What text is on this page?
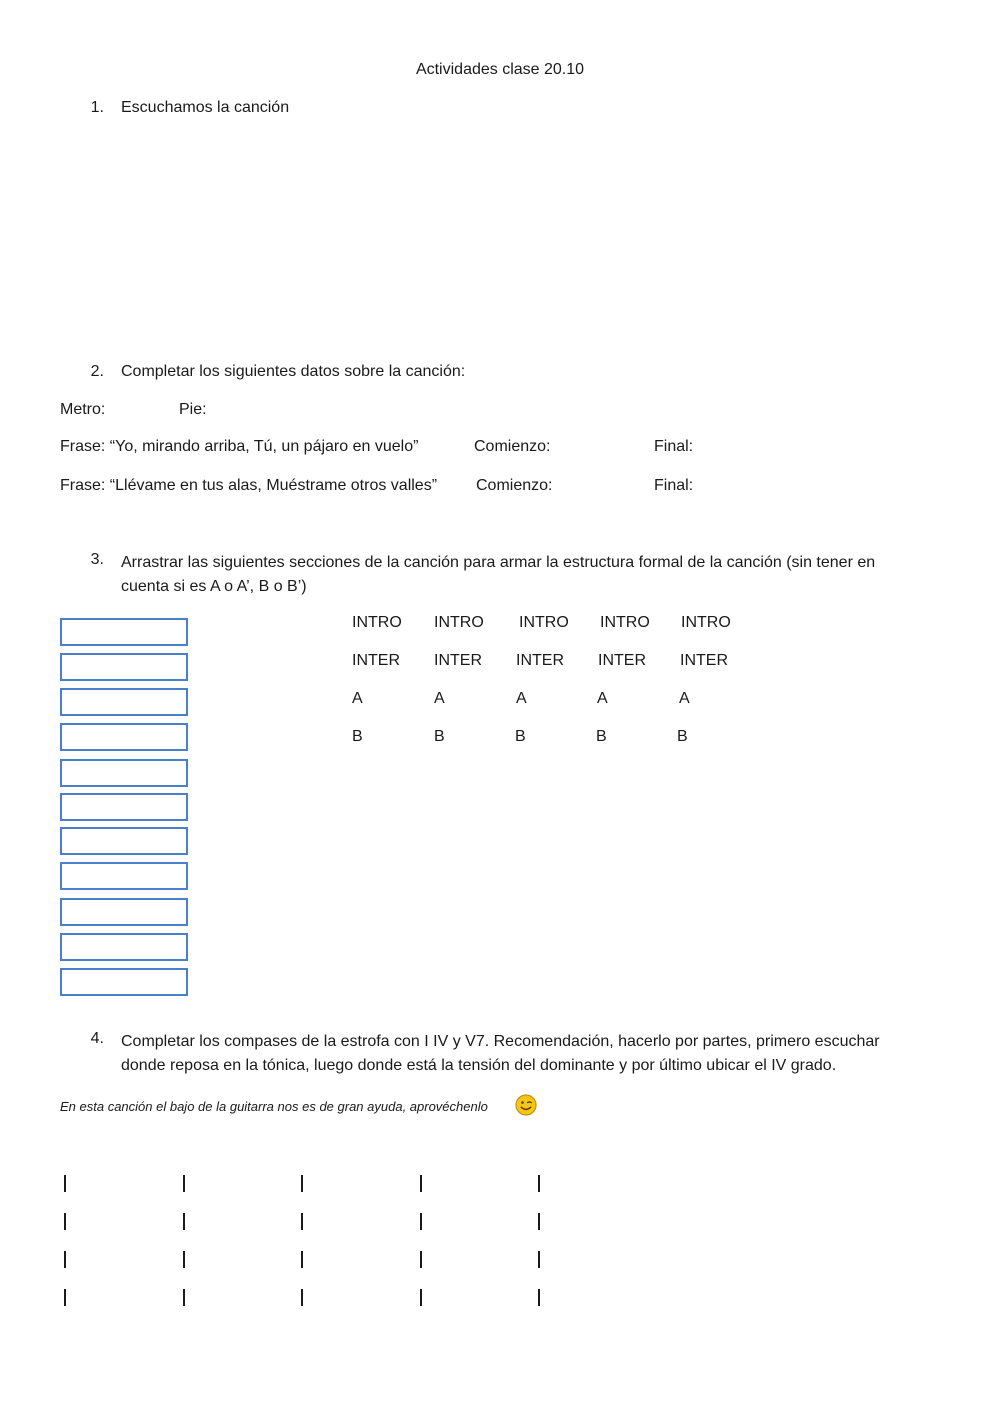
Actividades clase 20.10
1. Escuchamos la canción
2. Completar los siguientes datos sobre la canción:
Metro:	Pie:
Frase: “Yo, mirando arriba, Tú, un pájaro en vuelo”	Comienzo:	Final:
Frase: “Llévame en tus alas, Muéstrame otros valles” Comienzo:	Final:
3. Arrastrar las siguientes secciones de la canción para armar la estructura formal de la canción (sin tener en cuenta si es A o A’, B o B’)
INTRO INTRO INTRO INTRO INTRO
INTER INTER INTER INTER INTER
A	A	A	A	A
B	B	B	B	B
4. Completar los compases de la estrofa con I IV y V7. Recomendación, hacerlo por partes, primero escuchar donde reposa en la tónica, luego donde está la tensión del dominante y por último ubicar el IV grado.
En esta canción el bajo de la guitarra nos es de gran ayuda, aprovéchenlo
